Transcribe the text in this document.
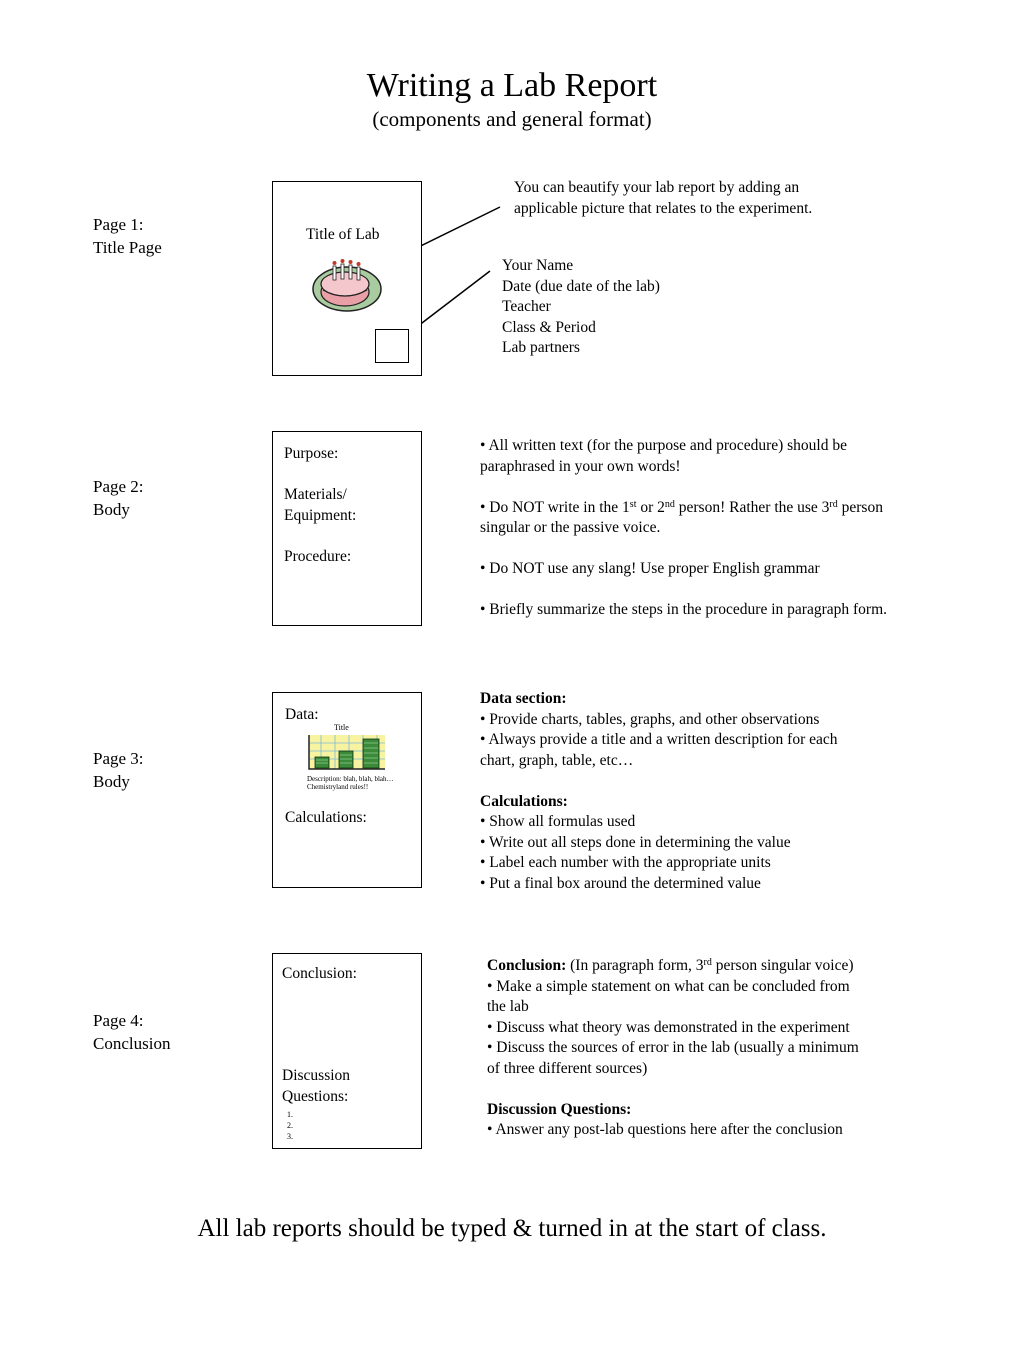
Writing a Lab Report
(components and general format)
Page 1:
Title Page
Title of Lab
You can beautify your lab report by adding an
applicable picture that relates to the experiment.
Your Name
Date (due date of the lab)
Teacher
Class & Period
Lab partners
Page 2:
Body
Purpose:
Materials/
Equipment:
Procedure:
• All written text (for the purpose and procedure) should be
paraphrased in your own words!
• Do NOT write in the 1st or 2nd person! Rather the use 3rd person
singular or the passive voice.
• Do NOT use any slang! Use proper English grammar
• Briefly summarize the steps in the procedure in paragraph form.
Page 3:
Body
Data:
Title
Description: blah, blah, blah…
Chemistryland rules!!
Calculations:
Data section:
• Provide charts, tables, graphs, and other observations
• Always provide a title and a written description for each
chart, graph, table, etc…
Calculations:
• Show all formulas used
• Write out all steps done in determining the value
• Label each number with the appropriate units
• Put a final box around the determined value
Page 4:
Conclusion
Conclusion:
Discussion
Questions:
1.
2.
3.
Conclusion: (In paragraph form, 3rd person singular voice)
• Make a simple statement on what can be concluded from
the lab
• Discuss what theory was demonstrated in the experiment
• Discuss the sources of error in the lab (usually a minimum
of three different sources)
Discussion Questions:
• Answer any post-lab questions here after the conclusion
All lab reports should be typed & turned in at the start of class.
